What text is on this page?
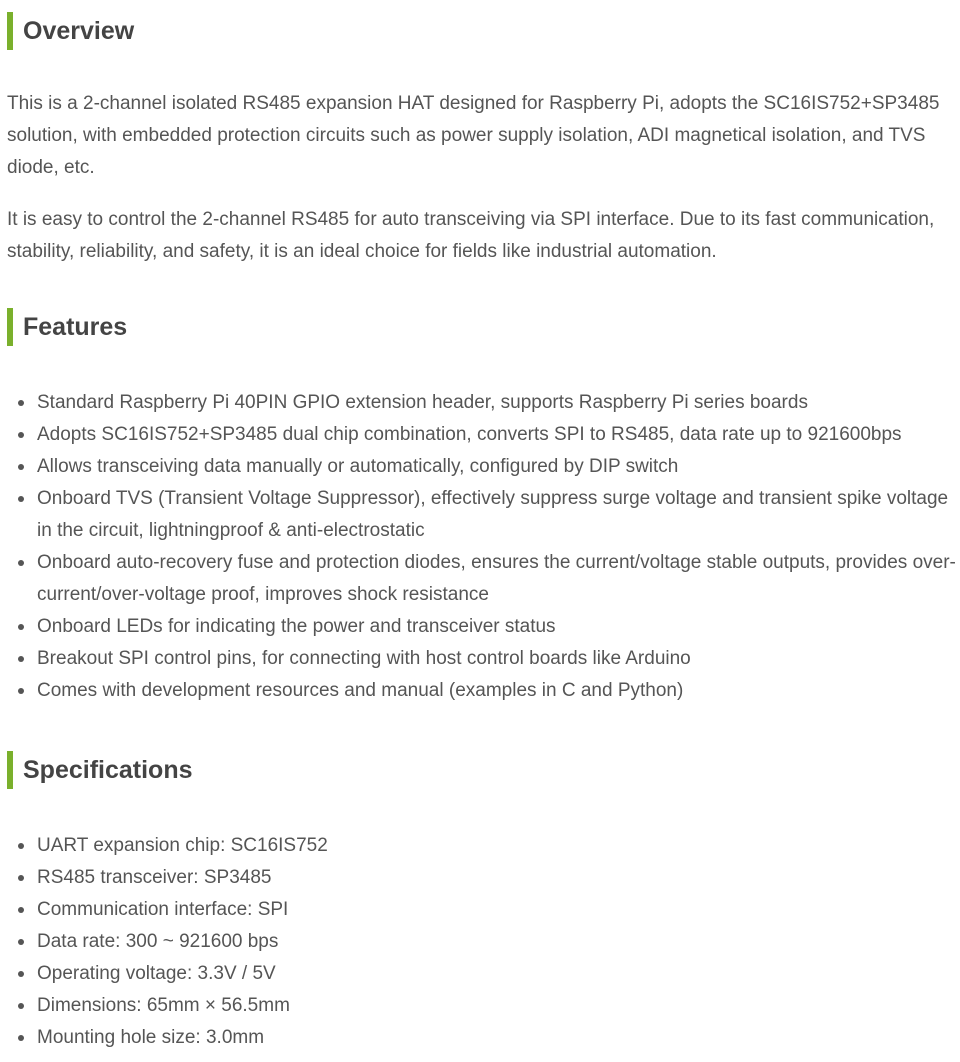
Overview

This is a 2-channel isolated RS485 expansion HAT designed for Raspberry Pi, adopts the SC16IS752+SP3485 solution, with embedded protection circuits such as power supply isolation, ADI magnetical isolation, and TVS diode, etc.

It is easy to control the 2-channel RS485 for auto transceiving via SPI interface. Due to its fast communication, stability, reliability, and safety, it is an ideal choice for fields like industrial automation.

Features
Standard Raspberry Pi 40PIN GPIO extension header, supports Raspberry Pi series boards
Adopts SC16IS752+SP3485 dual chip combination, converts SPI to RS485, data rate up to 921600bps
Allows transceiving data manually or automatically, configured by DIP switch
Onboard TVS (Transient Voltage Suppressor), effectively suppress surge voltage and transient spike voltage in the circuit, lightningproof & anti-electrostatic
Onboard auto-recovery fuse and protection diodes, ensures the current/voltage stable outputs, provides over-current/over-voltage proof, improves shock resistance
Onboard LEDs for indicating the power and transceiver status
Breakout SPI control pins, for connecting with host control boards like Arduino
Comes with development resources and manual (examples in C and Python)
Specifications
UART expansion chip: SC16IS752
RS485 transceiver: SP3485
Communication interface: SPI
Data rate: 300 ~ 921600 bps
Operating voltage: 3.3V / 5V
Dimensions: 65mm × 56.5mm
Mounting hole size: 3.0mm
